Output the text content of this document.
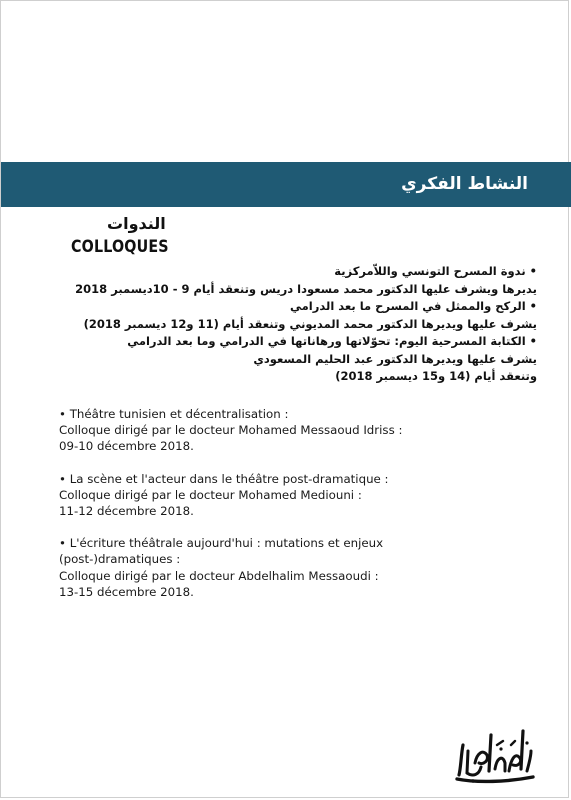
النشاط الفكري
الندوات
COLLOQUES
• ندوة المسرح التونسي واللاّمركزية
يديرها ويشرف عليها الدكتور محمد مسعودا دريس وتنعقد أيام 9 - 10ديسمبر 2018
• الركح والممثل في المسرح ما بعد الدرامي
يشرف عليها ويديرها الدكتور محمد المديوني وتنعقد أيام (11 و12 ديسمبر 2018)
• الكتابة المسرحية اليوم: تحوّلاتها ورهاناتها في الدرامي وما بعد الدرامي
يشرف عليها ويديرها الدكتور عبد الحليم المسعودي
وتنعقد أيام (14 و15 ديسمبر 2018)
• Théâtre tunisien et décentralisation :
Colloque dirigé par le docteur Mohamed Messaoud Idriss :
09-10 décembre 2018.
• La scène et l'acteur dans le théâtre post-dramatique :
Colloque dirigé par le docteur Mohamed Mediouni :
11-12 décembre 2018.
• L'écriture théâtrale aujourd'hui : mutations et enjeux
(post-)dramatiques :
Colloque dirigé par le docteur Abdelhalim Messaoudi :
13-15 décembre 2018.
